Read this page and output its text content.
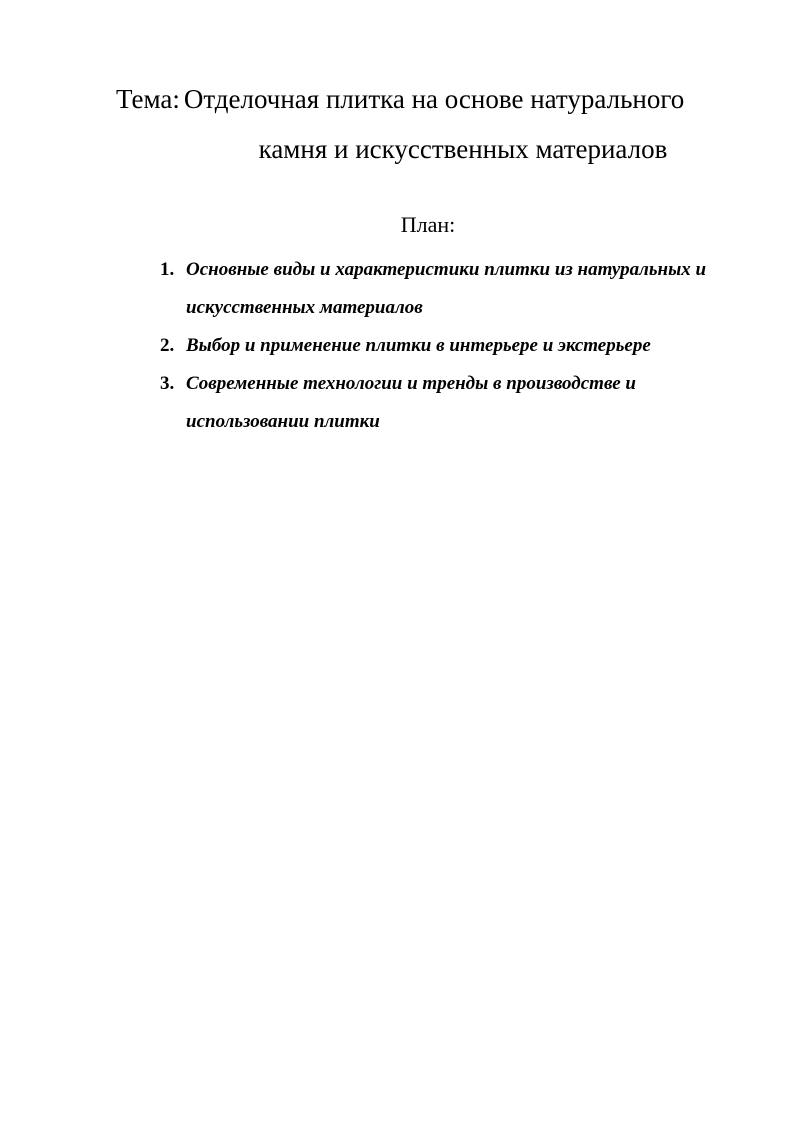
Тема: Отделочная плитка на основе натурального
камня и искусственных материалов
План:
1. Основные виды и характеристики плитки из натуральных и искусственных материалов
2. Выбор и применение плитки в интерьере и экстерьере
3. Современные технологии и тренды в производстве и использовании плитки
